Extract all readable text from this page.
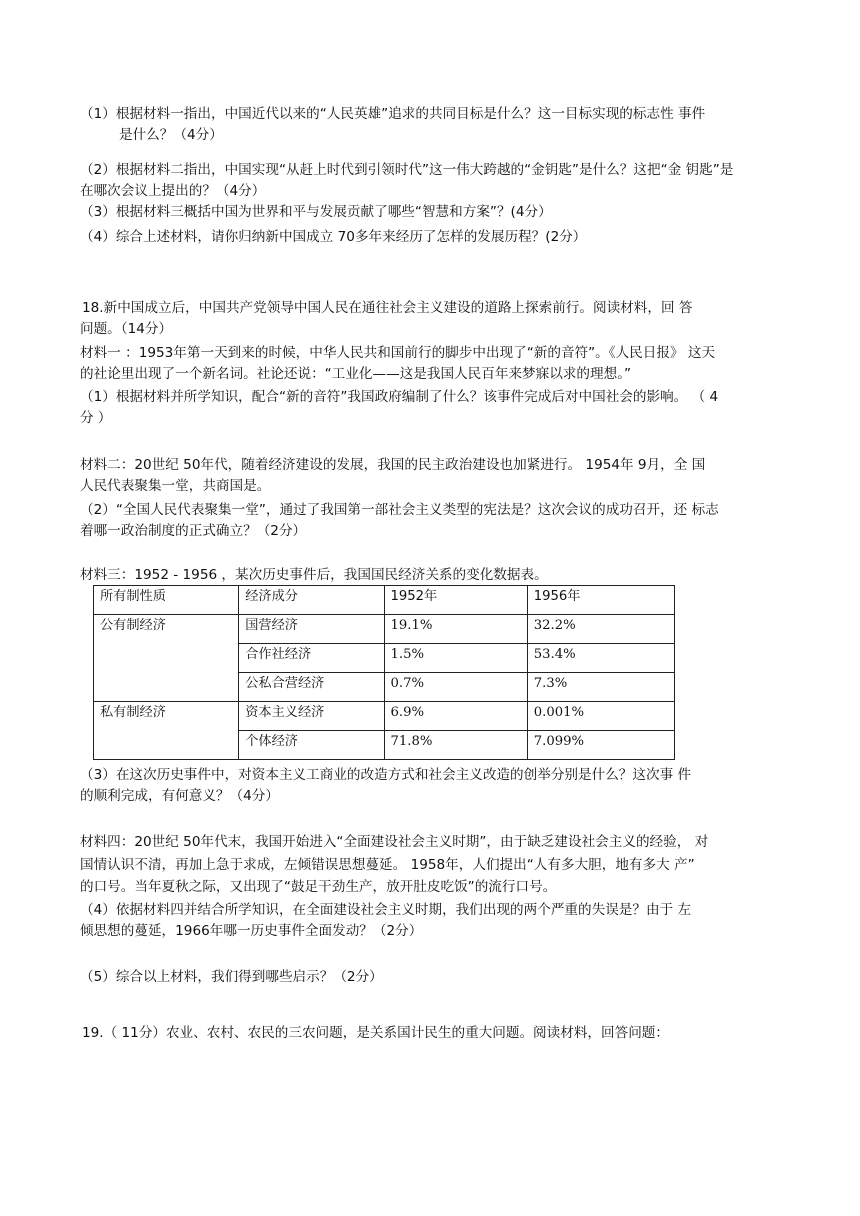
（1）根据材料一指出，中国近代以来的“人民英雄”追求的共同目标是什么？这一目标实现的标志性 事件
是什么？（4分）
（2）根据材料二指出，中国实现“从赶上时代到引领时代”这一伟大跨越的“金钥匙”是什么？这把“金 钥匙”是
在哪次会议上提出的？（4分）
（3）根据材料三概括中国为世界和平与发展贡献了哪些“智慧和方案”？(4分）
（4）综合上述材料，请你归纳新中国成立 70多年来经历了怎样的发展历程？(2分）
18.新中国成立后，中国共产党领导中国人民在通往社会主义建设的道路上探索前行。阅读材料，回 答
问题。（14分）
材料一 ：1953年第一天到来的时候，中华人民共和国前行的脚步中出现了“新的音符”。《人民日报》 这天
的社论里出现了一个新名词。社论还说：“工业化——这是我国人民百年来梦寐以求的理想。”
（1）根据材料并所学知识，配合“新的音符”我国政府编制了什么？该事件完成后对中国社会的影响。 （ 4
分 ）
材料二：20世纪 50年代，随着经济建设的发展，我国的民主政治建设也加紧进行。 1954年 9月，全 国
人民代表聚集一堂，共商国是。
（2）“全国人民代表聚集一堂”，通过了我国第一部社会主义类型的宪法是？这次会议的成功召开，还 标志
着哪一政治制度的正式确立？（2分）
材料三：1952 - 1956 ，某次历史事件后，我国国民经济关系的变化数据表。
所有制性质	经济成分	1952年	1956年
公有制经济	国营经济	19.1%	32.2%
	合作社经济	1.5%	53.4%
	公私合营经济	0.7%	7.3%
私有制经济	资本主义经济	6.9%	0.001%
	个体经济	71.8%	7.099%
（3）在这次历史事件中，对资本主义工商业的改造方式和社会主义改造的创举分别是什么？这次事 件
的顺利完成，有何意义？（4分）
材料四：20世纪 50年代末，我国开始进入“全面建设社会主义时期”，由于缺乏建设社会主义的经验， 对
国情认识不清，再加上急于求成，左倾错误思想蔓延。 1958年，人们提出“人有多大胆，地有多大 产”
的口号。当年夏秋之际，又出现了“鼓足干劲生产，放开肚皮吃饭”的流行口号。
（4）依据材料四并结合所学知识，在全面建设社会主义时期，我们出现的两个严重的失误是？由于 左
倾思想的蔓延，1966年哪一历史事件全面发动？（2分）
（5）综合以上材料，我们得到哪些启示？（2分）
19.（ 11分）农业、农村、农民的三农问题，是关系国计民生的重大问题。阅读材料，回答问题：
